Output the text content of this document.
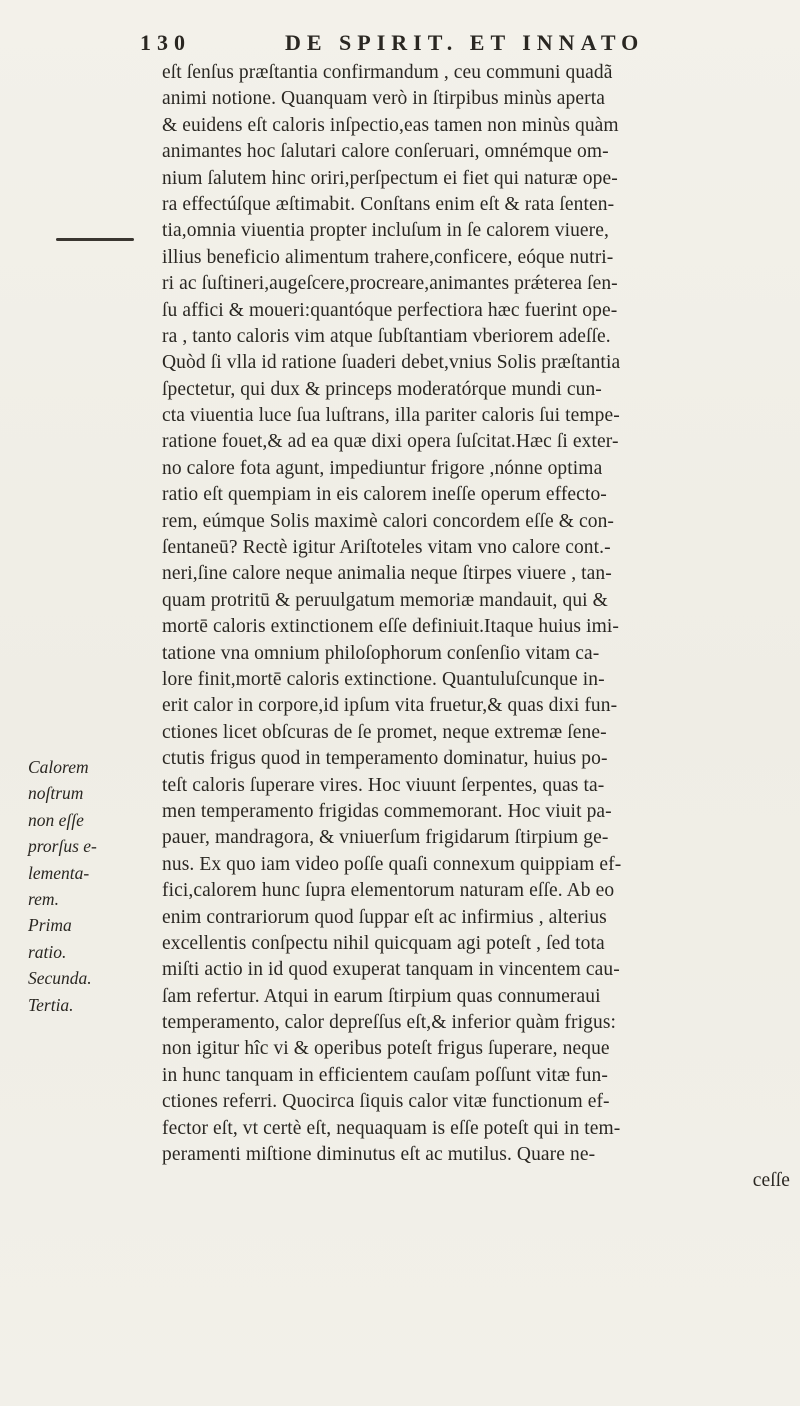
130	DE SPIRIT. ET INNATO
eſt ſenſus præſtantia confirmandum , ceu communi quadã
animi notione. Quanquam verò in ſtirpibus minùs aperta
& euidens eſt caloris inſpectio,eas tamen non minùs quàm
animantes hoc ſalutari calore conſeruari, omnémque om-
nium ſalutem hinc oriri,perſpectum ei fiet qui naturæ ope-
ra effectúſque æſtimabit. Conſtans enim eſt & rata ſenten-
tia,omnia viuentia propter incluſum in ſe calorem viuere,
illius beneficio alimentum trahere,conficere, eóque nutri-
ri ac ſuſtineri,augeſcere,procreare,animantes prǽterea ſen-
ſu affici & moueri:quantóque perfectiora hæc fuerint ope-
ra , tanto caloris vim atque ſubſtantiam vberiorem adeſſe.
Quòd ſi vlla id ratione ſuaderi debet,vnius Solis præſtantia
ſpectetur, qui dux & princeps moderatórque mundi cun-
cta viuentia luce ſua luſtrans, illa pariter caloris ſui tempe-
ratione fouet,& ad ea quæ dixi opera ſuſcitat.Hæc ſi exter-
no calore fota agunt, impediuntur frigore ,nónne optima
ratio eſt quempiam in eis calorem ineſſe operum effecto-
rem, eúmque Solis maximè calori concordem eſſe & con-
ſentaneū? Rectè igitur Ariſtoteles vitam vno calore cont.-
neri,ſine calore neque animalia neque ſtirpes viuere , tan-
quam protritū & peruulgatum memoriæ mandauit, qui &
mortē caloris extinctionem eſſe definiuit.Itaque huius imi-
tatione vna omnium philoſophorum conſenſio vitam ca-
lore finit,mortē caloris extinctione. Quantuluſcunque in-
erit calor in corpore,id ipſum vita fruetur,& quas dixi fun-
ctiones licet obſcuras de ſe promet, neque extremæ ſene-
ctutis frigus quod in temperamento dominatur, huius po-
teſt caloris ſuperare vires. Hoc viuunt ſerpentes, quas ta-
men temperamento frigidas commemorant. Hoc viuit pa-
pauer, mandragora, & vniuerſum frigidarum ſtirpium ge-
nus. Ex quo iam video poſſe quaſi connexum quippiam ef-
fici,calorem hunc ſupra elementorum naturam eſſe. Ab eo
enim contrariorum quod ſuppar eſt ac infirmius , alterius
excellentis conſpectu nihil quicquam agi poteſt , ſed tota
miſti actio in id quod exuperat tanquam in vincentem cau-
ſam refertur. Atqui in earum ſtirpium quas connumeraui
temperamento, calor depreſſus eſt,& inferior quàm frigus:
non igitur hîc vi & operibus poteſt frigus ſuperare, neque
in hunc tanquam in efficientem cauſam poſſunt vitæ fun-
ctiones referri. Quocirca ſiquis calor vitæ functionum ef-
fector eſt, vt certè eſt, nequaquam is eſſe poteſt qui in tem-
peramenti miſtione diminutus eſt ac mutilus. Quare ne-
ceſſe
Calorem
noſtrum
non eſſe
prorſus e-
lementa-
rem.
Prima
ratio.
Secunda.
Tertia.
